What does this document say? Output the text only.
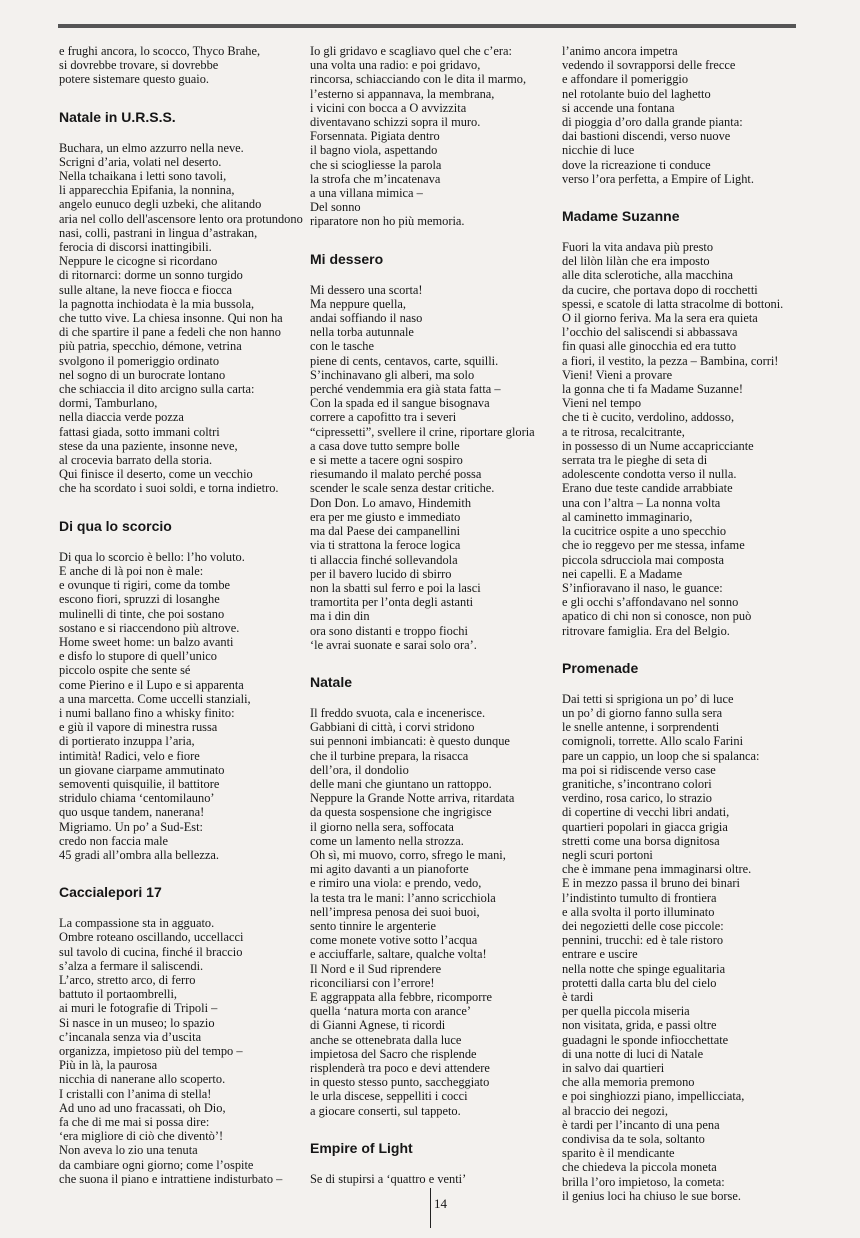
e frughi ancora, lo scocco, Thyco Brahe,
si dovrebbe trovare, si dovrebbe
potere sistemare questo guaio.
Natale in U.R.S.S.
Buchara, un elmo azzurro nella neve.
Scrigni d’aria, volati nel deserto.
Nella tchaikana i letti sono tavoli,
li apparecchia Epifania, la nonnina,
angelo eunuco degli uzbeki, che alitando
aria nel collo dell'ascensore lento ora protundono
nasi, colli, pastrani in lingua d’astrakan,
ferocia di discorsi inattingibili.
Neppure le cicogne si ricordano
di ritornarci: dorme un sonno turgido
sulle altane, la neve fiocca e fiocca
la pagnotta inchiodata è la mia bussola,
che tutto vive. La chiesa insonne. Qui non ha
di che spartire il pane a fedeli che non hanno
più patria, specchio, démone, vetrina
svolgono il pomeriggio ordinato
nel sogno di un burocrate lontano
che schiaccia il dito arcigno sulla carta:
dormi, Tamburlano,
nella diaccia verde pozza
fattasi giada, sotto immani coltri
stese da una paziente, insonne neve,
al crocevia barrato della storia.
Qui finisce il deserto, come un vecchio
che ha scordato i suoi soldi, e torna indietro.
Di qua lo scorcio
Di qua lo scorcio è bello: l’ho voluto.
E anche di là poi non è male:
e ovunque ti rigiri, come da tombe
escono fiori, spruzzi di losanghe
mulinelli di tinte, che poi sostano
sostano e si riaccendono più altrove.
Home sweet home: un balzo avanti
e disfo lo stupore di quell’unico
piccolo ospite che sente sé
come Pierino e il Lupo e si apparenta
a una marcetta. Come uccelli stanziali,
i numi ballano fino a whisky finito:
e giù il vapore di minestra russa
di portierato inzuppa l’aria,
intimità! Radici, velo e fiore
un giovane ciarpame ammutinato
semoventi quisquilie, il battitore
stridulo chiama ‘centomilauno’
quo usque tandem, nanerana!
Migriamo. Un po’ a Sud-Est:
credo non faccia male
45 gradi all’ombra alla bellezza.
Caccialepori 17
La compassione sta in agguato.
Ombre roteano oscillando, uccellacci
sul tavolo di cucina, finché il braccio
s’alza a fermare il saliscendi.
L’arco, stretto arco, di ferro
battuto il portaombrelli,
ai muri le fotografie di Tripoli –
Si nasce in un museo; lo spazio
c’incanala senza via d’uscita
organizza, impietoso più del tempo –
Più in là, la paurosa
nicchia di nanerane allo scoperto.
I cristalli con l’anima di stella!
Ad uno ad uno fracassati, oh Dio,
fa che di me mai si possa dire:
‘era migliore di ciò che diventò’!
Non aveva lo zio una tenuta
da cambiare ogni giorno; come l’ospite
che suona il piano e intrattiene indisturbato –
Io gli gridavo e scagliavo quel che c’era:
una volta una radio: e poi gridavo,
rincorsa, schiacciando con le dita il marmo,
l’esterno si appannava, la membrana,
i vicini con bocca a O avvizzita
diventavano schizzi sopra il muro.
Forsennata. Pigiata dentro
il bagno viola, aspettando
che si sciogliesse la parola
la strofa che m’incatenava
a una villana mimica –
Del sonno
riparatore non ho più memoria.
Mi dessero
Mi dessero una scorta!
Ma neppure quella,
andai soffiando il naso
nella torba autunnale
con le tasche
piene di cents, centavos, carte, squilli.
S’inchinavano gli alberi, ma solo
perché vendemmia era già stata fatta –
Con la spada ed il sangue bisognava
correre a capofitto tra i severi
“cipressetti”, svellere il crine, riportare gloria
a casa dove tutto sempre bolle
e si mette a tacere ogni sospiro
riesumando il malato perché possa
scender le scale senza destar critiche.
Don Don. Lo amavo, Hindemith
era per me giusto e immediato
ma dal Paese dei campanellini
via ti strattona la feroce logica
ti allaccia finché sollevandola
per il bavero lucido di sbirro
non la sbatti sul ferro e poi la lasci
tramortita per l’onta degli astanti
ma i din din
ora sono distanti e troppo fiochi
‘le avrai suonate e sarai solo ora’.
Natale
Il freddo svuota, cala e incenerisce.
Gabbiani di città, i corvi stridono
sui pennoni imbiancati: è questo dunque
che il turbine prepara, la risacca
dell’ora, il dondolio
delle mani che giuntano un rattoppo.
Neppure la Grande Notte arriva, ritardata
da questa sospensione che ingrigisce
il giorno nella sera, soffocata
come un lamento nella strozza.
Oh sì, mi muovo, corro, sfrego le mani,
mi agito davanti a un pianoforte
e rimiro una viola: e prendo, vedo,
la testa tra le mani: l’anno scricchiola
nell’impresa penosa dei suoi buoi,
sento tinnire le argenterie
come monete votive sotto l’acqua
e acciuffarle, saltare, qualche volta!
Il Nord e il Sud riprendere
riconciliarsi con l’errore!
E aggrappata alla febbre, ricomporre
quella ‘natura morta con arance’
di Gianni Agnese, ti ricordi
anche se ottenebrata dalla luce
impietosa del Sacro che risplende
risplenderà tra poco e devi attendere
in questo stesso punto, saccheggiato
le urla discese, seppelliti i cocci
a giocare conserti, sul tappeto.
Empire of Light
Se di stupirsi a ‘quattro e venti’
l’animo ancora impetra
vedendo il sovrapporsi delle frecce
e affondare il pomeriggio
nel rotolante buio del laghetto
si accende una fontana
di pioggia d’oro dalla grande pianta:
dai bastioni discendi, verso nuove
nicchie di luce
dove la ricreazione ti conduce
verso l’ora perfetta, a Empire of Light.
Madame Suzanne
Fuori la vita andava più presto
del lilòn lilàn che era imposto
alle dita sclerotiche, alla macchina
da cucire, che portava dopo di rocchetti
spessi, e scatole di latta stracolme di bottoni.
O il giorno feriva. Ma la sera era quieta
l’occhio del saliscendi si abbassava
fin quasi alle ginocchia ed era tutto
a fiori, il vestito, la pezza – Bambina, corri!
Vieni! Vieni a provare
la gonna che ti fa Madame Suzanne!
Vieni nel tempo
che ti è cucito, verdolino, addosso,
a te ritrosa, recalcitrante,
in possesso di un Nume accapricciante
serrata tra le pieghe di seta di
adolescente condotta verso il nulla.
Erano due teste candide arrabbiate
una con l’altra – La nonna volta
al caminetto immaginario,
la cucitrice ospite a uno specchio
che io reggevo per me stessa, infame
piccola sdrucciola mai composta
nei capelli. E a Madame
S’infioravano il naso, le guance:
e gli occhi s’affondavano nel sonno
apatico di chi non si conosce, non può
ritrovare famiglia. Era del Belgio.
Promenade
Dai tetti si sprigiona un po’ di luce
un po’ di giorno fanno sulla sera
le snelle antenne, i sorprendenti
comignoli, torrette. Allo scalo Farini
pare un cappio, un loop che si spalanca:
ma poi si ridiscende verso case
granitiche, s’incontrano colori
verdino, rosa carico, lo strazio
di copertine di vecchi libri andati,
quartieri popolari in giacca grigia
stretti come una borsa dignitosa
negli scuri portoni
che è immane pena immaginarsi oltre.
E in mezzo passa il bruno dei binari
l’indistinto tumulto di frontiera
e alla svolta il porto illuminato
dei negozietti delle cose piccole:
pennini, trucchi: ed è tale ristoro
entrare e uscire
nella notte che spinge egualitaria
protetti dalla carta blu del cielo
è tardi
per quella piccola miseria
non visitata, grida, e passi oltre
guadagni le sponde infiocchettate
di una notte di luci di Natale
in salvo dai quartieri
che alla memoria premono
e poi singhiozzi piano, impellicciata,
al braccio dei negozi,
è tardi per l’incanto di una pena
condivisa da te sola, soltanto
sparito è il mendicante
che chiedeva la piccola moneta
brilla l’oro impietoso, la cometa:
il genius loci ha chiuso le sue borse.
14
